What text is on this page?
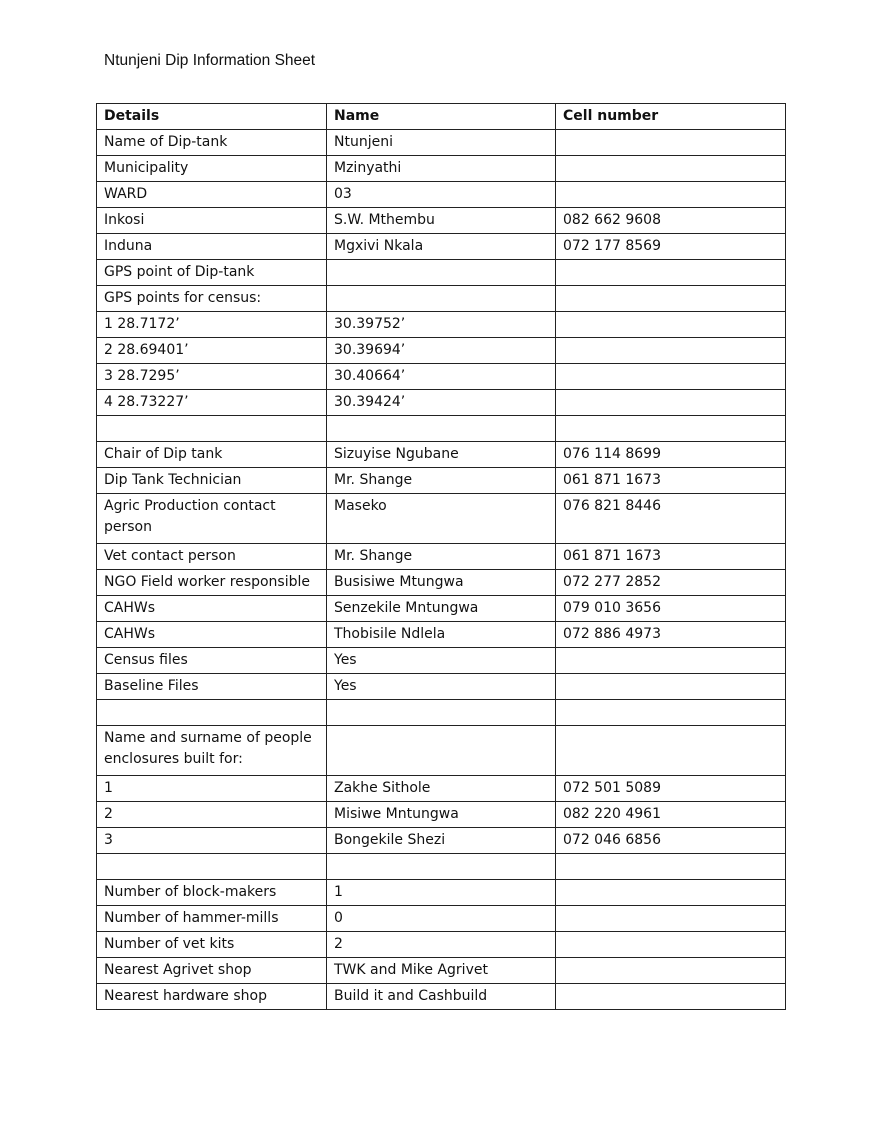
Ntunjeni Dip Information Sheet
Details	Name	Cell number
Name of Dip-tank	Ntunjeni	
Municipality	Mzinyathi	
WARD	03	
Inkosi	S.W. Mthembu	082 662 9608
Induna	Mgxivi Nkala	072 177 8569
GPS point of Dip-tank		
GPS points for census:		
1 28.7172’	30.39752’	
2 28.69401’	30.39694’	
3 28.7295’	30.40664’	
4 28.73227’	30.39424’	

Chair of Dip tank	Sizuyise Ngubane	076 114 8699
Dip Tank Technician	Mr. Shange	061 871 1673
Agric Production contact person	Maseko	076 821 8446
Vet contact person	Mr. Shange	061 871 1673
NGO Field worker responsible	Busisiwe Mtungwa	072 277 2852
CAHWs	Senzekile Mntungwa	079 010 3656
CAHWs	Thobisile Ndlela	072 886 4973
Census files	Yes	
Baseline Files	Yes	

Name and surname of people enclosures built for:		
1	Zakhe Sithole	072 501 5089
2	Misiwe Mntungwa	082 220 4961
3	Bongekile Shezi	072 046 6856

Number of block-makers	1	
Number of hammer-mills	0	
Number of vet kits	2	
Nearest Agrivet shop	TWK and Mike Agrivet	
Nearest hardware shop	Build it and Cashbuild	
